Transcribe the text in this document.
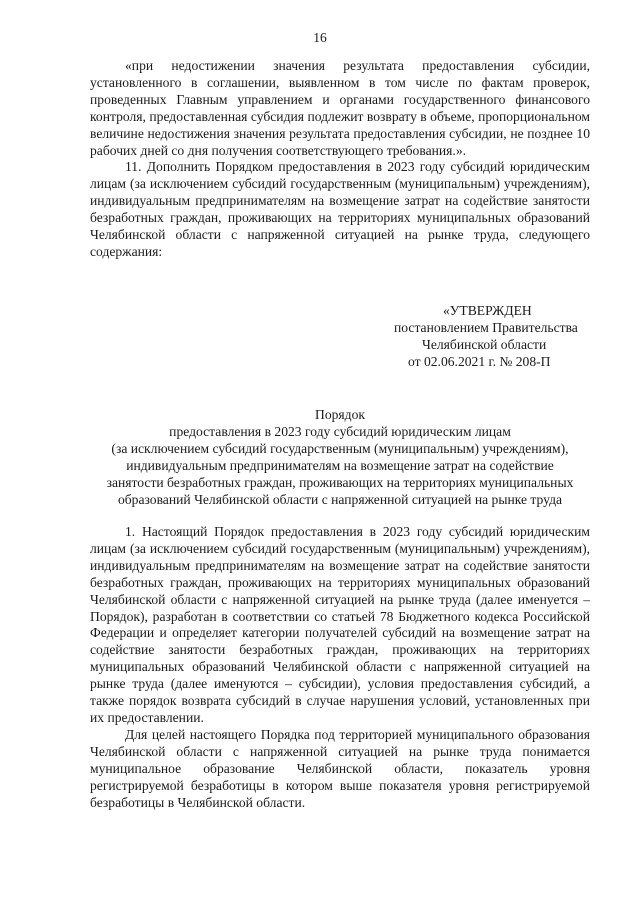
16

«при недостижении значения результата предоставления субсидии, установленного в соглашении, выявленном в том числе по фактам проверок, проведенных Главным управлением и органами государственного финансового контроля, предоставленная субсидия подлежит возврату в объеме, пропорциональном величине недостижения значения результата предоставления субсидии, не позднее 10 рабочих дней со дня получения соответствующего требования.».

11. Дополнить Порядком предоставления в 2023 году субсидий юридическим лицам (за исключением субсидий государственным (муниципальным) учреждениям), индивидуальным предпринимателям на возмещение затрат на содействие занятости безработных граждан, проживающих на территориях муниципальных образований Челябинской области с напряженной ситуацией на рынке труда, следующего содержания:

«УТВЕРЖДЕН
постановлением Правительства
Челябинской области
от 02.06.2021 г. № 208-П
Порядок
предоставления в 2023 году субсидий юридическим лицам
(за исключением субсидий государственным (муниципальным) учреждениям),
индивидуальным предпринимателям на возмещение затрат на содействие
занятости безработных граждан, проживающих на территориях муниципальных
образований Челябинской области с напряженной ситуацией на рынке труда

1. Настоящий Порядок предоставления в 2023 году субсидий юридическим лицам (за исключением субсидий государственным (муниципальным) учреждениям), индивидуальным предпринимателям на возмещение затрат на содействие занятости безработных граждан, проживающих на территориях муниципальных образований Челябинской области с напряженной ситуацией на рынке труда (далее именуется – Порядок), разработан в соответствии со статьей 78 Бюджетного кодекса Российской Федерации и определяет категории получателей субсидий на возмещение затрат на содействие занятости безработных граждан, проживающих на территориях муниципальных образований Челябинской области с напряженной ситуацией на рынке труда (далее именуются – субсидии), условия предоставления субсидий, а также порядок возврата субсидий в случае нарушения условий, установленных при их предоставлении.

Для целей настоящего Порядка под территорией муниципального образования Челябинской области с напряженной ситуацией на рынке труда понимается муниципальное образование Челябинской области, показатель уровня регистрируемой безработицы в котором выше показателя уровня регистрируемой безработицы в Челябинской области.
